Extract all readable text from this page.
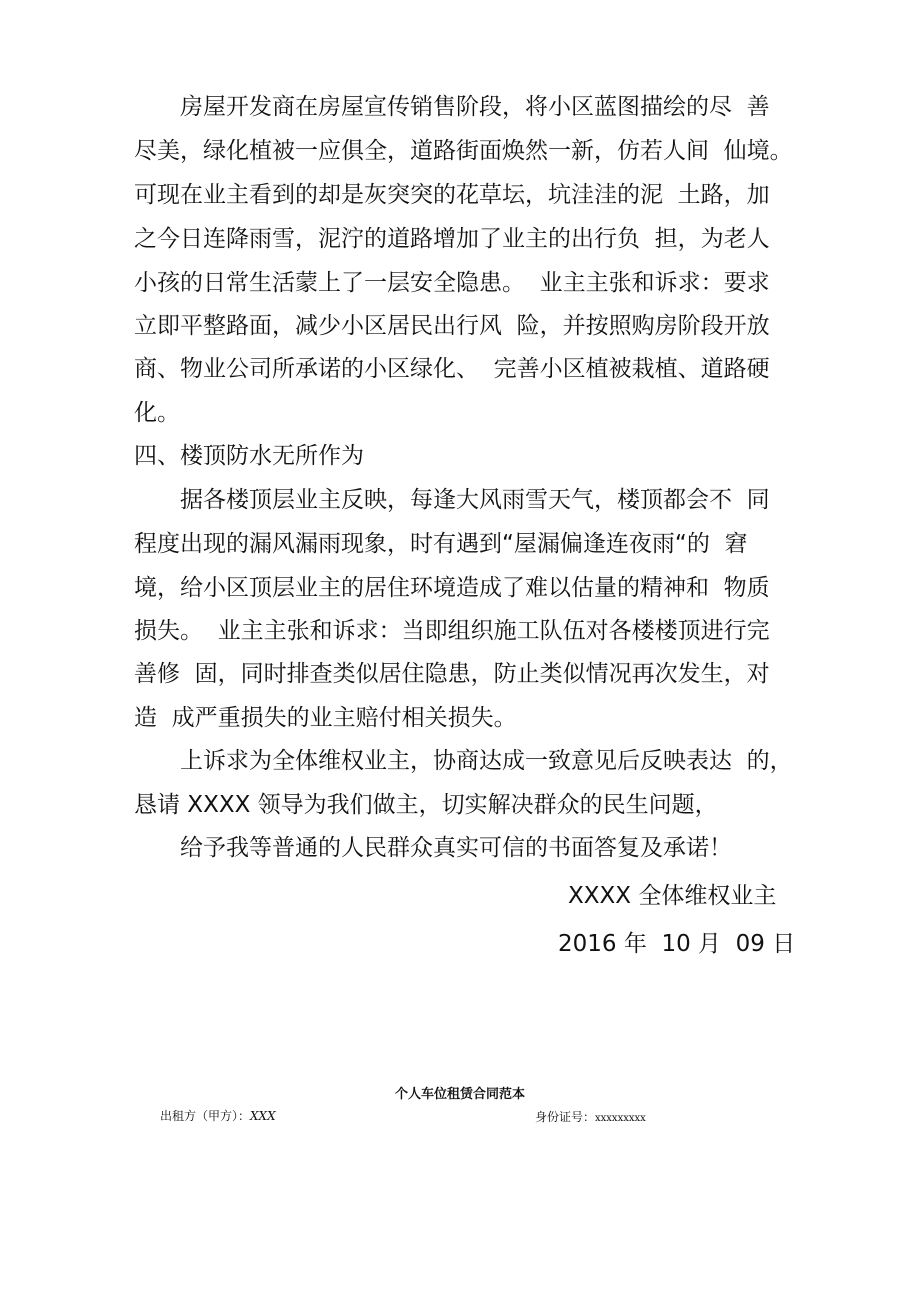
房屋开发商在房屋宣传销售阶段，将小区蓝图描绘的尽  善
尽美，绿化植被一应俱全，道路街面焕然一新，仿若人间  仙境。
可现在业主看到的却是灰突突的花草坛，坑洼洼的泥  土路，加
之今日连降雨雪，泥泞的道路增加了业主的出行负  担，为老人
小孩的日常生活蒙上了一层安全隐患。  业主主张和诉求：要求
立即平整路面，减少小区居民出行风  险，并按照购房阶段开放
商、物业公司所承诺的小区绿化、  完善小区植被栽植、道路硬
化。
四、楼顶防水无所作为
据各楼顶层业主反映，每逢大风雨雪天气，楼顶都会不  同
程度出现的漏风漏雨现象，时有遇到“屋漏偏逢连夜雨“的  窘
境，给小区顶层业主的居住环境造成了难以估量的精神和  物质
损失。  业主主张和诉求：当即组织施工队伍对各楼楼顶进行完
善修  固，同时排查类似居住隐患，防止类似情况再次发生，对
造  成严重损失的业主赔付相关损失。
上诉求为全体维权业主，协商达成一致意见后反映表达  的，
恳请 XXXX 领导为我们做主，切实解决群众的民生问题，
给予我等普通的人民群众真实可信的书面答复及承诺！
XXXX 全体维权业主
2016 年  10 月  09 日
个人车位租赁合同范本
出租方（甲方）：XXX	身份证号：xxxxxxxxx
